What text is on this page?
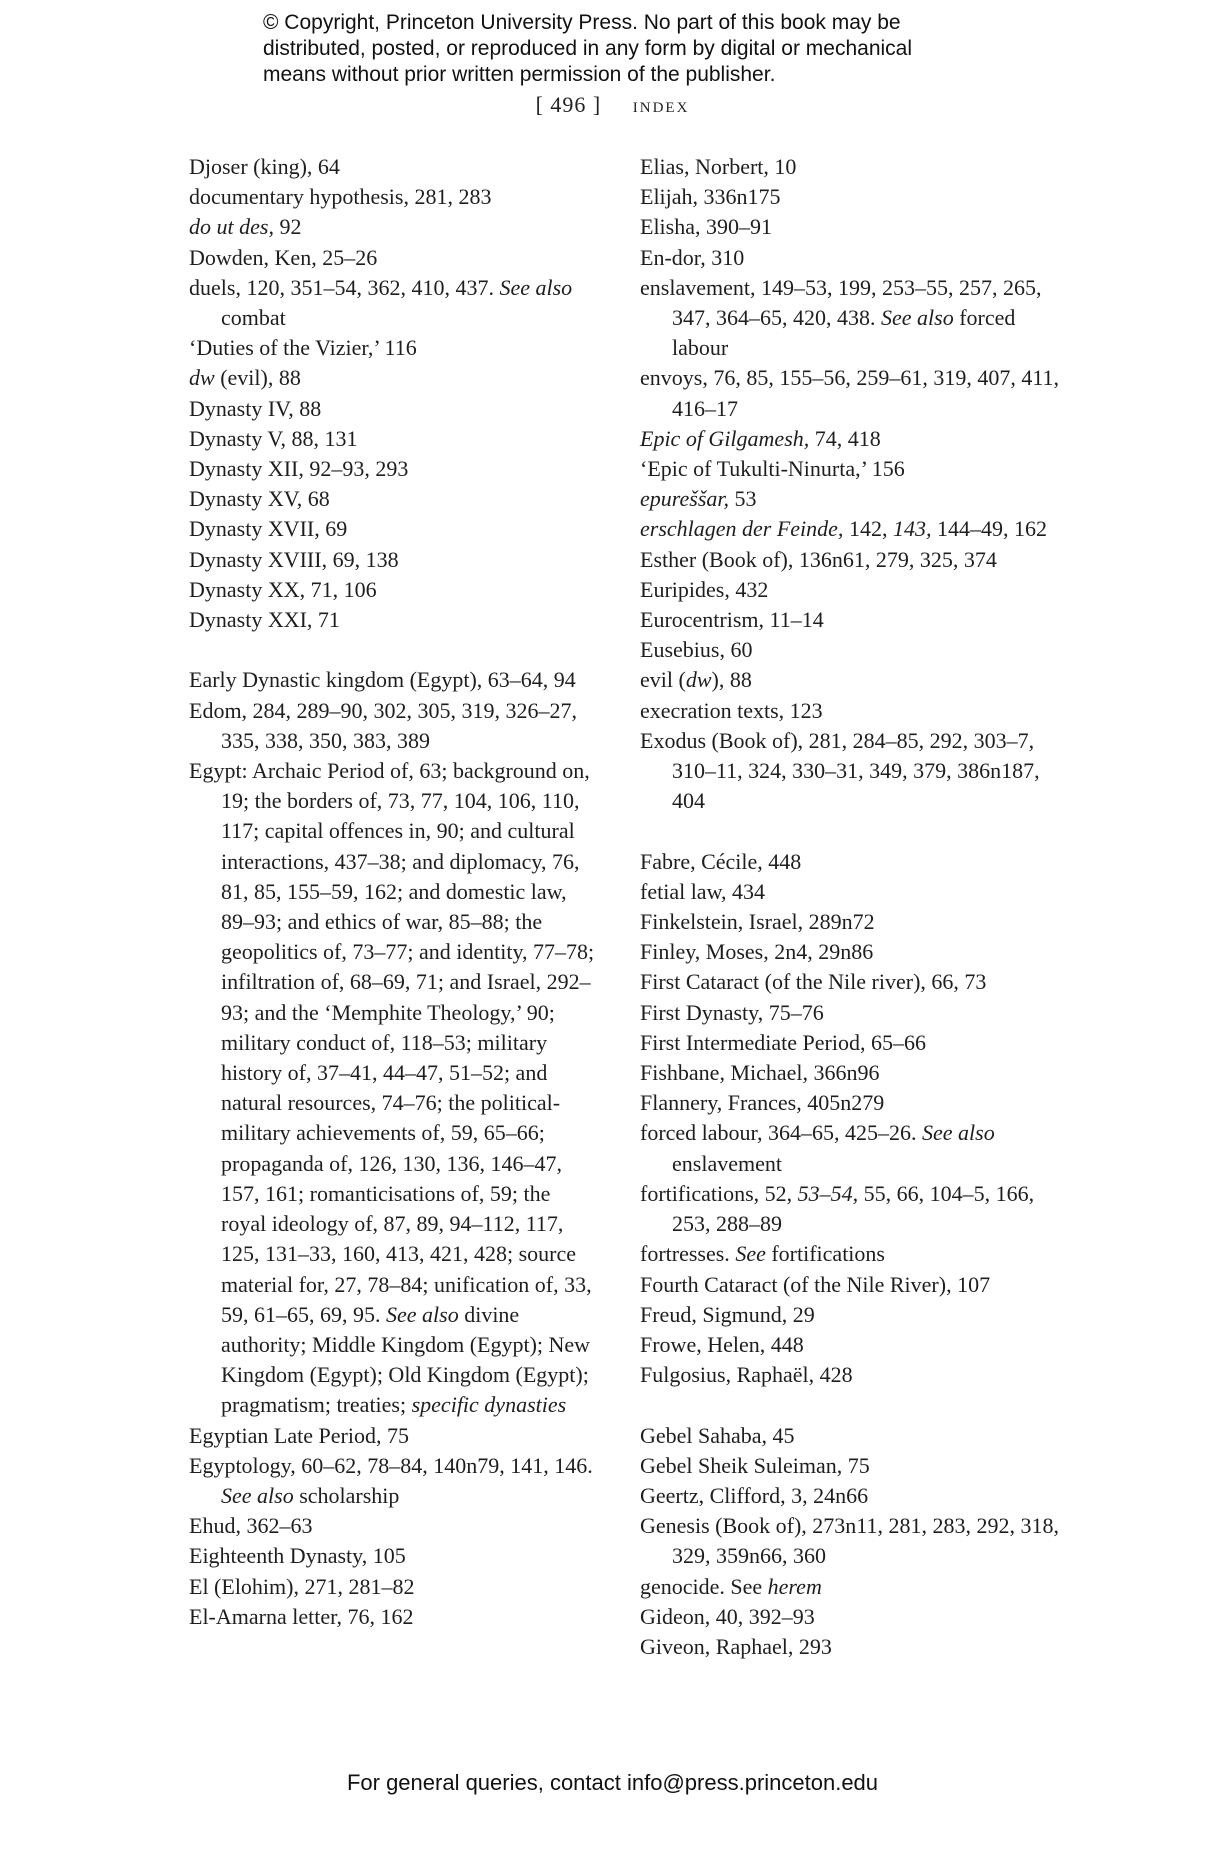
© Copyright, Princeton University Press. No part of this book may be
distributed, posted, or reproduced in any form by digital or mechanical
means without prior written permission of the publisher.
[ 496 ] index
Djoser (king), 64
documentary hypothesis, 281, 283
do ut des, 92
Dowden, Ken, 25–26
duels, 120, 351–54, 362, 410, 437. See also combat
‘Duties of the Vizier,’ 116
dw (evil), 88
Dynasty IV, 88
Dynasty V, 88, 131
Dynasty XII, 92–93, 293
Dynasty XV, 68
Dynasty XVII, 69
Dynasty XVIII, 69, 138
Dynasty XX, 71, 106
Dynasty XXI, 71
Early Dynastic kingdom (Egypt), 63–64, 94
Edom, 284, 289–90, 302, 305, 319, 326–27, 335, 338, 350, 383, 389
Egypt: Archaic Period of, 63; background on, 19; the borders of, 73, 77, 104, 106, 110, 117; capital offences in, 90; and cultural interactions, 437–38; and diplomacy, 76, 81, 85, 155–59, 162; and domestic law, 89–93; and ethics of war, 85–88; the geopolitics of, 73–77; and identity, 77–78; infiltration of, 68–69, 71; and Israel, 292–93; and the ‘Memphite Theology,’ 90; military conduct of, 118–53; military history of, 37–41, 44–47, 51–52; and natural resources, 74–76; the political-military achievements of, 59, 65–66; propaganda of, 126, 130, 136, 146–47, 157, 161; romanticisations of, 59; the royal ideology of, 87, 89, 94–112, 117, 125, 131–33, 160, 413, 421, 428; source material for, 27, 78–84; unification of, 33, 59, 61–65, 69, 95. See also divine authority; Middle Kingdom (Egypt); New Kingdom (Egypt); Old Kingdom (Egypt); pragmatism; treaties; specific dynasties
Egyptian Late Period, 75
Egyptology, 60–62, 78–84, 140n79, 141, 146. See also scholarship
Ehud, 362–63
Eighteenth Dynasty, 105
El (Elohim), 271, 281–82
El-Amarna letter, 76, 162
Elias, Norbert, 10
Elijah, 336n175
Elisha, 390–91
En-dor, 310
enslavement, 149–53, 199, 253–55, 257, 265, 347, 364–65, 420, 438. See also forced labour
envoys, 76, 85, 155–56, 259–61, 319, 407, 411, 416–17
Epic of Gilgamesh, 74, 418
‘Epic of Tukulti-Ninurta,’ 156
epureššar, 53
erschlagen der Feinde, 142, 143, 144–49, 162
Esther (Book of), 136n61, 279, 325, 374
Euripides, 432
Eurocentrism, 11–14
Eusebius, 60
evil (dw), 88
execration texts, 123
Exodus (Book of), 281, 284–85, 292, 303–7, 310–11, 324, 330–31, 349, 379, 386n187, 404
Fabre, Cécile, 448
fetial law, 434
Finkelstein, Israel, 289n72
Finley, Moses, 2n4, 29n86
First Cataract (of the Nile river), 66, 73
First Dynasty, 75–76
First Intermediate Period, 65–66
Fishbane, Michael, 366n96
Flannery, Frances, 405n279
forced labour, 364–65, 425–26. See also enslavement
fortifications, 52, 53–54, 55, 66, 104–5, 166, 253, 288–89
fortresses. See fortifications
Fourth Cataract (of the Nile River), 107
Freud, Sigmund, 29
Frowe, Helen, 448
Fulgosius, Raphaël, 428
Gebel Sahaba, 45
Gebel Sheik Suleiman, 75
Geertz, Clifford, 3, 24n66
Genesis (Book of), 273n11, 281, 283, 292, 318, 329, 359n66, 360
genocide. See herem
Gideon, 40, 392–93
Giveon, Raphael, 293
For general queries, contact info@press.princeton.edu
